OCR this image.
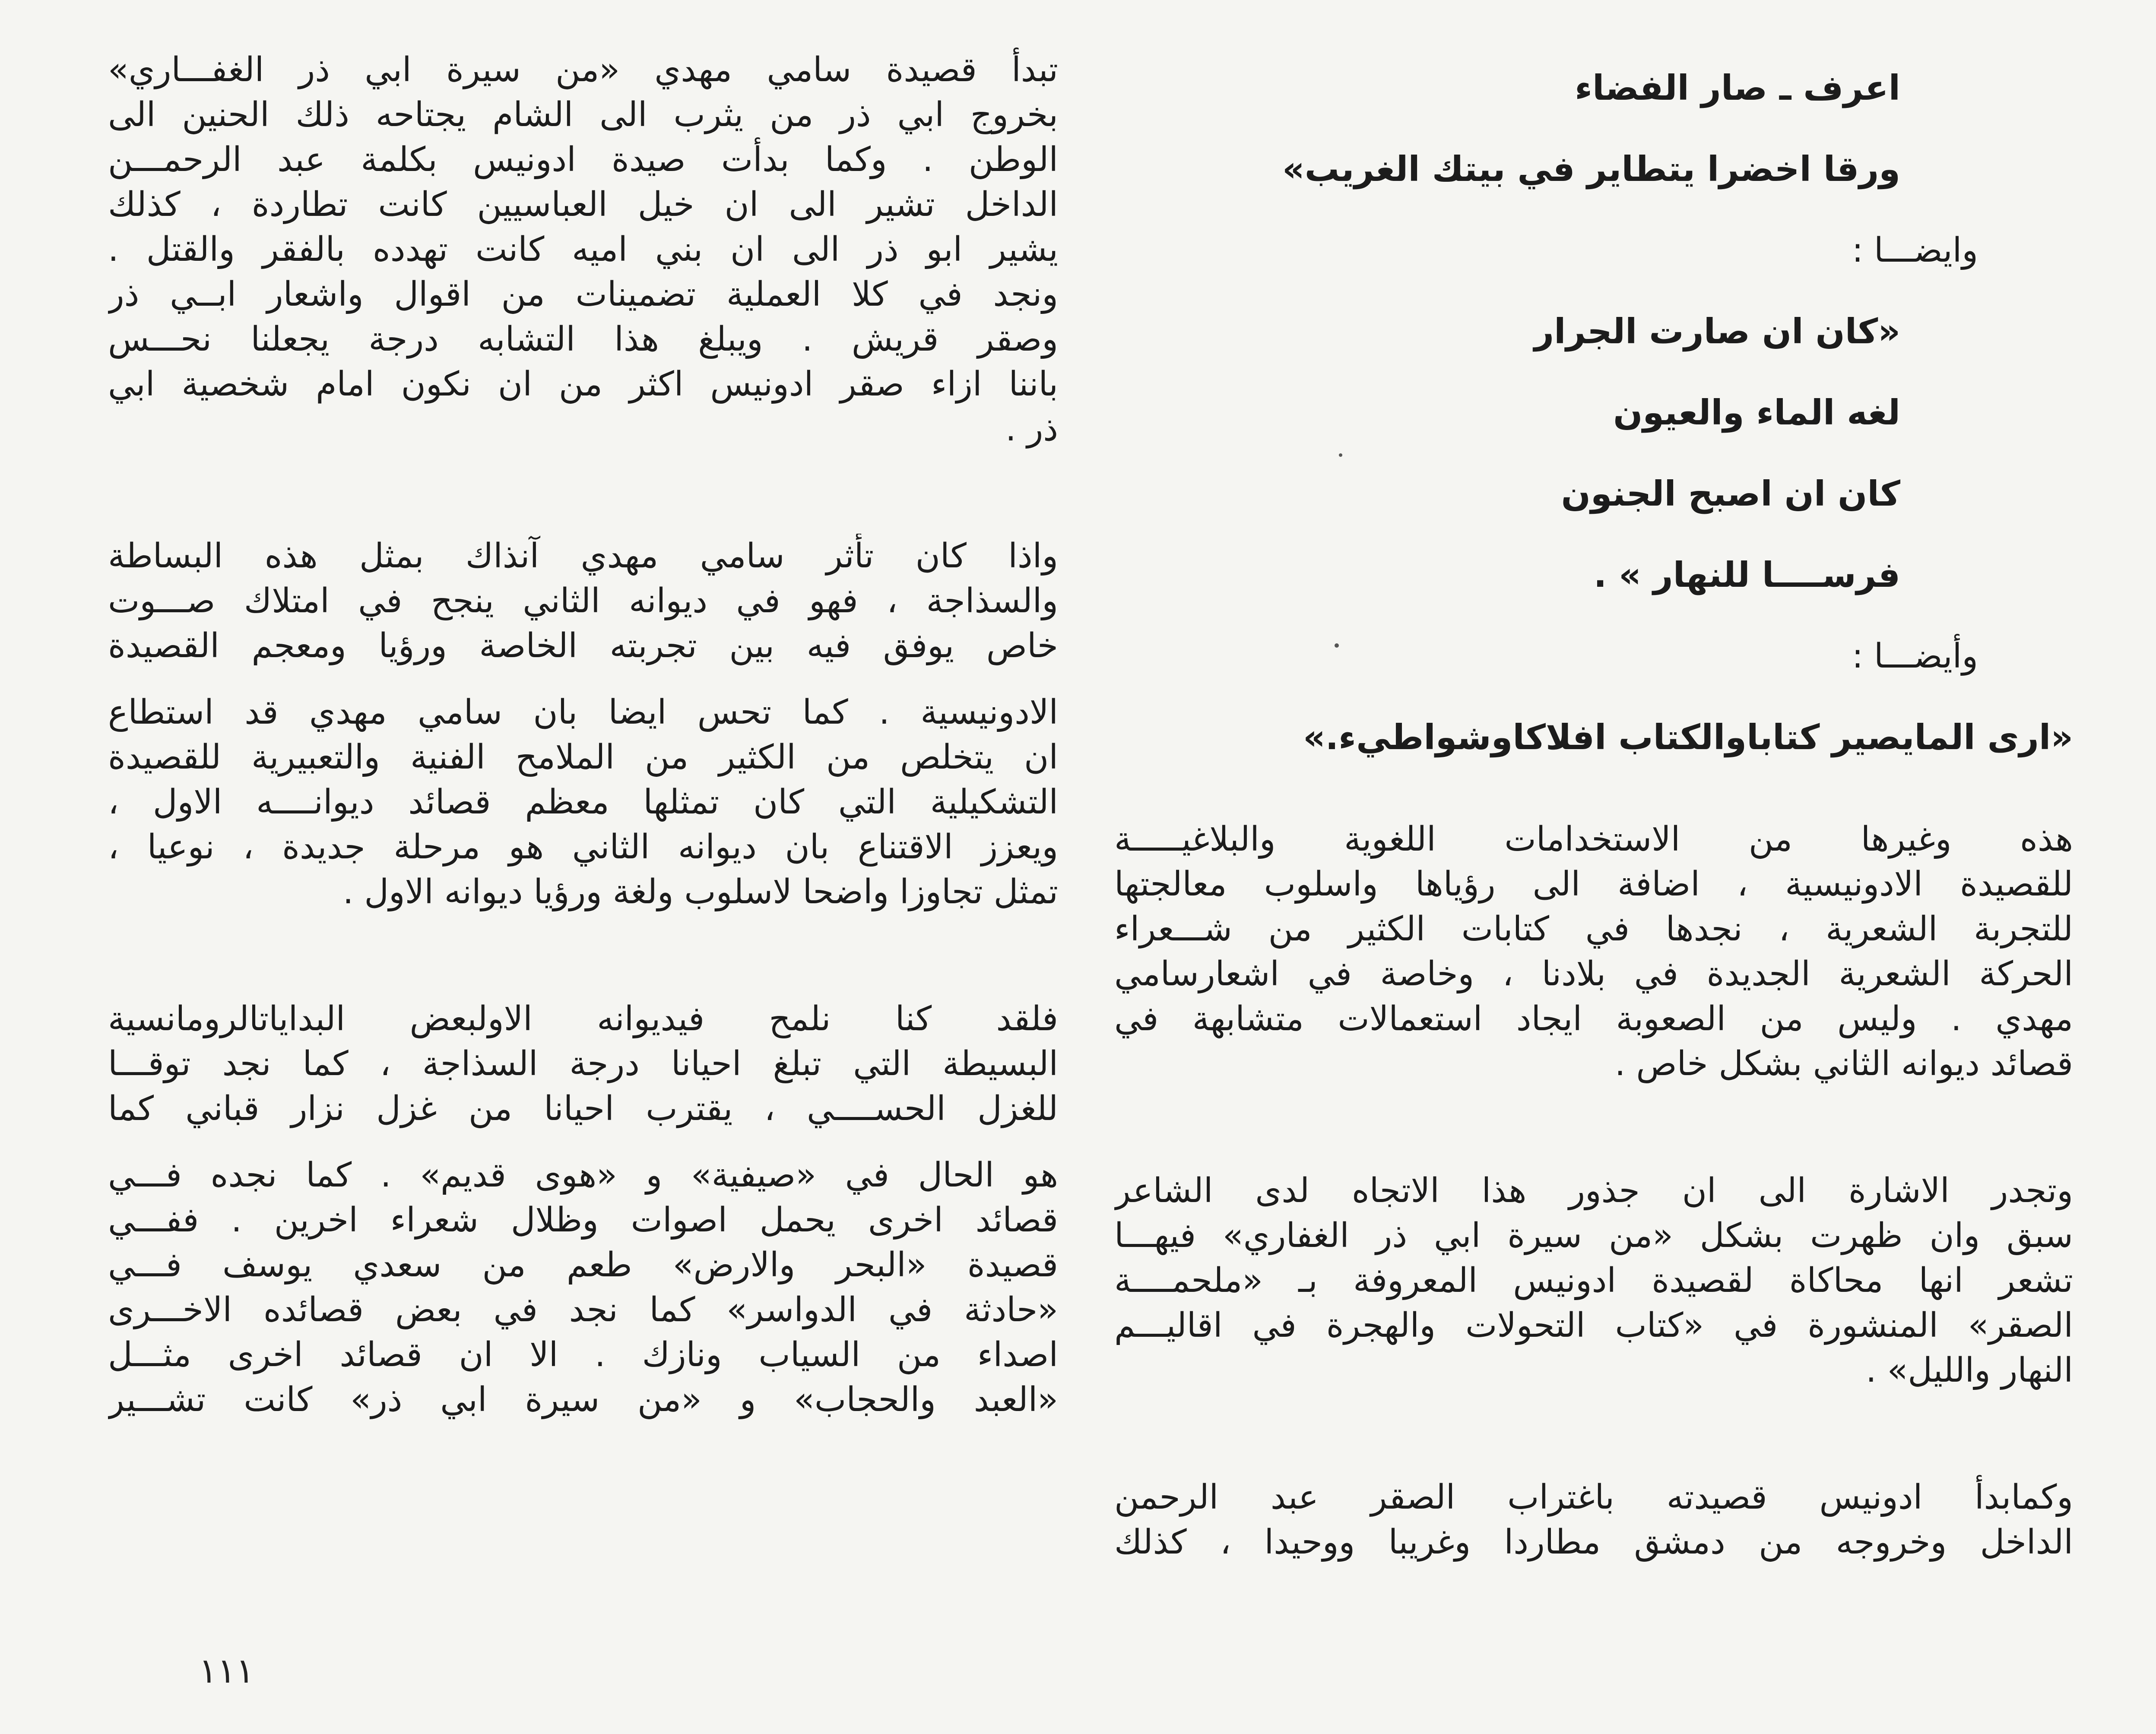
اعرف ـ صار الفضاء
ورقا اخضرا يتطاير في بيتك الغريب»
وايضـــا :
«كان ان صارت الجرار
لغه الماء والعيون
كان ان اصبح الجنون
فرســــا للنهار » .
وأيضـــا :
«ارى المايصير كتاباوالكتاب افلاكاوشواطيء.»
هذه وغيرها من الاستخدامات اللغوية والبلاغيـــــة
للقصيدة الادونيسية ، اضافة الى رؤياها واسلوب معالجتها
للتجربة الشعرية ، نجدها في كتابات الكثير من شـــعراء
الحركة الشعرية الجديدة في بلادنا ، وخاصة في اشعارسامي
مهدي . وليس من الصعوبة ايجاد استعمالات متشابهة في
قصائد ديوانه الثاني بشكل خاص .
وتجدر الاشارة الى ان جذور هذا الاتجاه لدى الشاعر
سبق وان ظهرت بشكل «من سيرة ابي ذر الغفاري» فيهـــا
تشعر انها محاكاة لقصيدة ادونيس المعروفة بـ «ملحمــــة
الصقر» المنشورة في «كتاب التحولات والهجرة في اقاليـــم
النهار والليل» .
وكمابدأ ادونيس قصيدته باغتراب الصقر عبد الرحمن
الداخل وخروجه من دمشق مطاردا وغريبا ووحيدا ، كذلك
تبدأ قصيدة سامي مهدي «من سيرة ابي ذر الغفـــاري»
بخروج ابي ذر من يثرب الى الشام يجتاحه ذلك الحنين الى
الوطن . وكما بدأت صيدة ادونيس بكلمة عبد الرحمـــن
الداخل تشير الى ان خيل العباسيين كانت تطاردة ، كذلك
يشير ابو ذر الى ان بني اميه كانت تهدده بالفقر والقتل .
ونجد في كلا العملية تضمينات من اقوال واشعار ابــي ذر
وصقر قريش . ويبلغ هذا التشابه درجة يجعلنا نحـــس
باننا ازاء صقر ادونيس اكثر من ان نكون امام شخصية ابي
ذر .
واذا كان تأثر سامي مهدي آنذاك بمثل هذه البساطة
والسذاجة ، فهو في ديوانه الثاني ينجح في امتلاك صـــوت
خاص يوفق فيه بين تجربته الخاصة ورؤيا ومعجم القصيدة
الادونيسية . كما تحس ايضا بان سامي مهدي قد استطاع
ان يتخلص من الكثير من الملامح الفنية والتعبيرية للقصيدة
التشكيلية التي كان تمثلها معظم قصائد ديوانــــه الاول ،
ويعزز الاقتناع بان ديوانه الثاني هو مرحلة جديدة ، نوعيا ،
تمثل تجاوزا واضحا لاسلوب ولغة ورؤيا ديوانه الاول .
فلقد كنا نلمح فيديوانه الاولبعض البداياتالرومانسية
البسيطة التي تبلغ احيانا درجة السذاجة ، كما نجد توقـــا
للغزل الحســــي ، يقترب احيانا من غزل نزار قباني كما
هو الحال في «صيفية» و «هوى قديم» . كما نجده فـــي
قصائد اخرى يحمل اصوات وظلال شعراء اخرين . ففـــي
قصيدة «البحر والارض» طعم من سعدي يوسف فـــي
«حادثة في الدواسر» كما نجد في بعض قصائده الاخـــرى
اصداء من السياب ونازك . الا ان قصائد اخرى مثـــل
«العبد والحجاب» و «من سيرة ابي ذر» كانت تشـــير
١١١
